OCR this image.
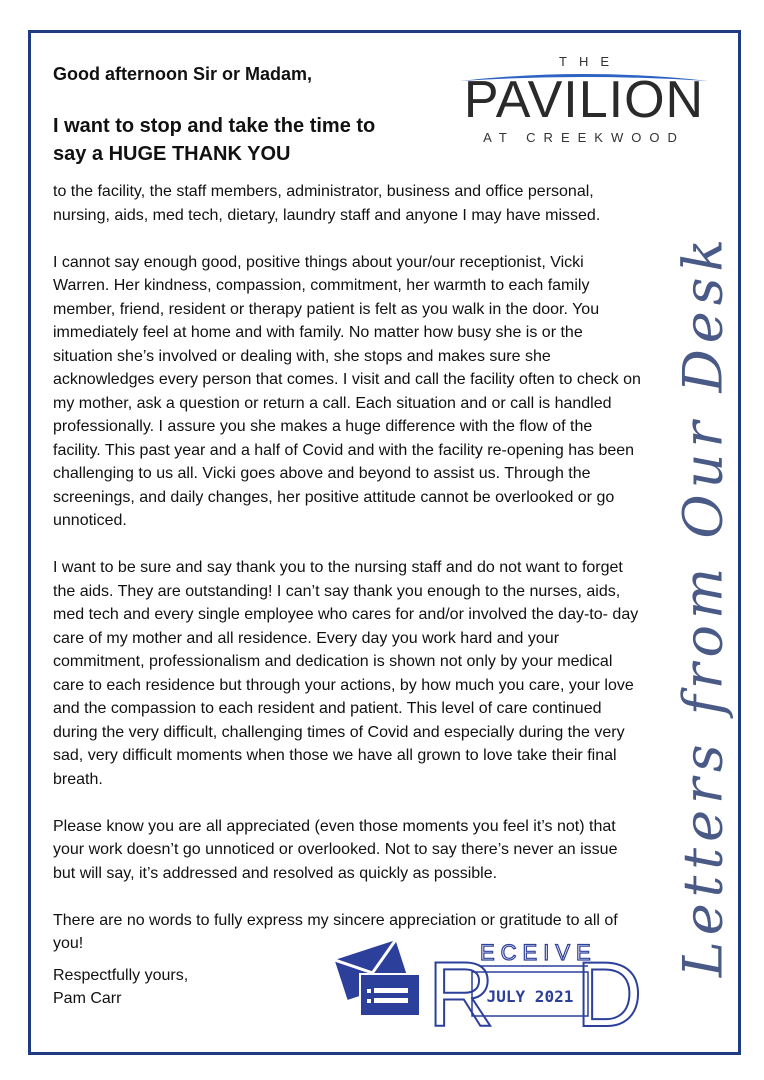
Good afternoon Sir or Madam,
I want to stop and take the time to say a HUGE THANK YOU
THE
PAVILION
AT CREEKWOOD

to the facility, the staff members, administrator, business and office personal, nursing, aids, med tech, dietary, laundry staff and anyone I may have missed.

I cannot say enough good, positive things about your/our receptionist, Vicki Warren. Her kindness, compassion, commitment, her warmth to each family member, friend, resident or therapy patient is felt as you walk in the door. You immediately feel at home and with family. No matter how busy she is or the situation she’s involved or dealing with, she stops and makes sure she acknowledges every person that comes. I visit and call the facility often to check on my mother, ask a question or return a call. Each situation and or call is handled professionally. I assure you she makes a huge difference with the flow of the facility. This past year and a half of Covid and with the facility re-opening has been challenging to us all. Vicki goes above and beyond to assist us. Through the screenings, and daily changes, her positive attitude cannot be overlooked or go unnoticed.

I want to be sure and say thank you to the nursing staff and do not want to forget the aids. They are outstanding! I can’t say thank you enough to the nurses, aids, med tech and every single employee who cares for and/or involved the day-to- day care of my mother and all residence. Every day you work hard and your commitment, professionalism and dedication is shown not only by your medical care to each residence but through your actions, by how much you care, your love and the compassion to each resident and patient. This level of care continued during the very difficult, challenging times of Covid and especially during the very sad, very difficult moments when those we have all grown to love take their final breath.

Please know you are all appreciated (even those moments you feel it’s not) that your work doesn’t go unnoticed or overlooked. Not to say there’s never an issue but will say, it’s addressed and resolved as quickly as possible.

There are no words to fully express my sincere appreciation or gratitude to all of you!

Respectfully yours,
Pam Carr
Letters from Our Desk
R
ECEIVE
JULY 2021 D
